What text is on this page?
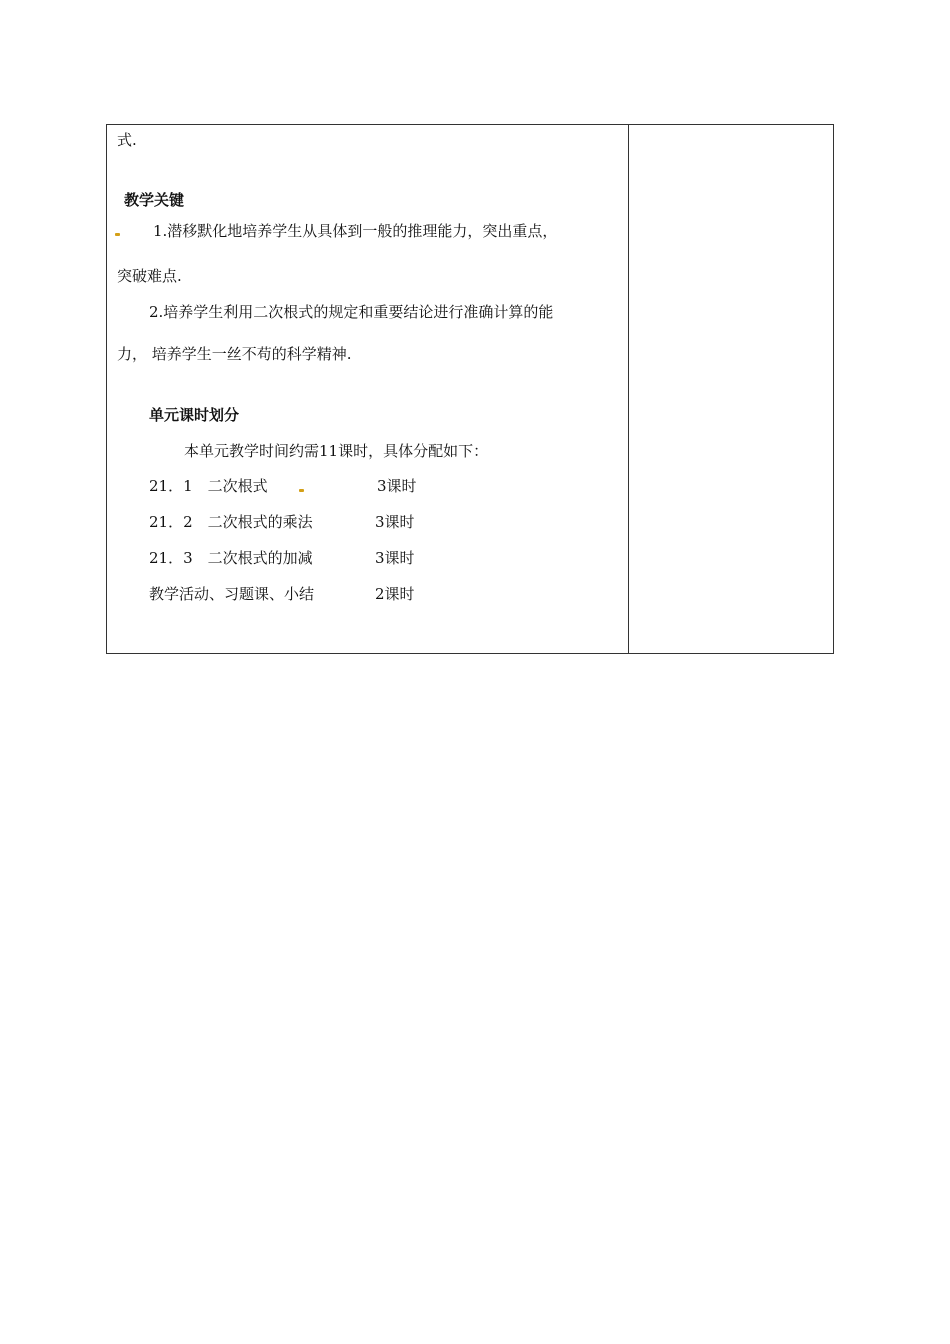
式.
教学关键
1.潜移默化地培养学生从具体到一般的推理能力，突出重点，
突破难点.
2.培养学生利用二次根式的规定和重要结论进行准确计算的能
力， 培养学生一丝不苟的科学精神.
单元课时划分
本单元教学时间约需11课时，具体分配如下：
21．1　二次根式	3课时
21．2　二次根式的乘法	3课时
21．3　二次根式的加减	3课时
教学活动、习题课、小结	2课时
